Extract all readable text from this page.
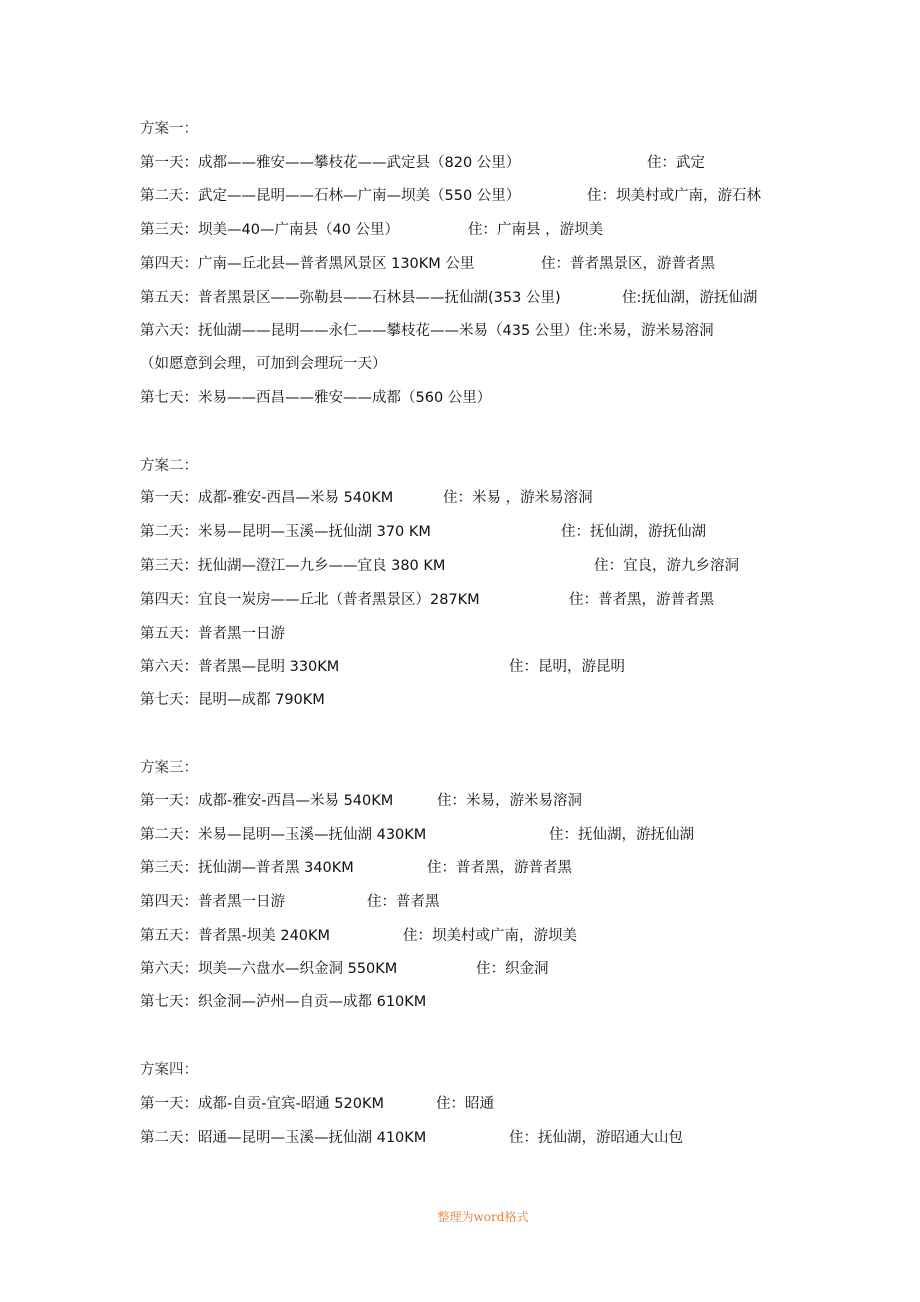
方案一：
第一天：成都——雅安——攀枝花——武定县（820 公里）	住：武定
第二天：武定——昆明——石林—广南—坝美（550 公里）	住：坝美村或广南，游石林
第三天：坝美—40—广南县（40 公里）	住：广南县 ，游坝美
第四天：广南—丘北县—普者黑风景区 130KM 公里	住：普者黑景区，游普者黑
第五天：普者黑景区——弥勒县——石林县——抚仙湖(353 公里)	住:抚仙湖，游抚仙湖
第六天：抚仙湖——昆明——永仁——攀枝花——米易（435 公里）住:米易，游米易溶洞
（如愿意到会理，可加到会理玩一天）
第七天：米易——西昌——雅安——成都（560 公里）
方案二：
第一天：成都-雅安-西昌—米易 540KM	住：米易 ，游米易溶洞
第二天：米易—昆明—玉溪—抚仙湖 370 KM	住：抚仙湖，游抚仙湖
第三天：抚仙湖—澄江—九乡——宜良 380 KM	住：宜良，游九乡溶洞
第四天：宜良一炭房——丘北（普者黑景区）287KM	住：普者黑，游普者黑
第五天：普者黑一日游
第六天：普者黑—昆明 330KM	住：昆明，游昆明
第七天：昆明—成都 790KM
方案三：
第一天：成都-雅安-西昌—米易 540KM	住：米易，游米易溶洞
第二天：米易—昆明—玉溪—抚仙湖 430KM	住：抚仙湖，游抚仙湖
第三天：抚仙湖—普者黑 340KM	住：普者黑，游普者黑
第四天：普者黑一日游	住：普者黑
第五天：普者黑-坝美 240KM	住：坝美村或广南，游坝美
第六天：坝美—六盘水—织金洞 550KM	住：织金洞
第七天：织金洞—泸州—自贡—成都 610KM
方案四：
第一天：成都-自贡-宜宾-昭通 520KM	住：昭通
第二天：昭通—昆明—玉溪—抚仙湖 410KM	住：抚仙湖，游昭通大山包
整理为word格式
